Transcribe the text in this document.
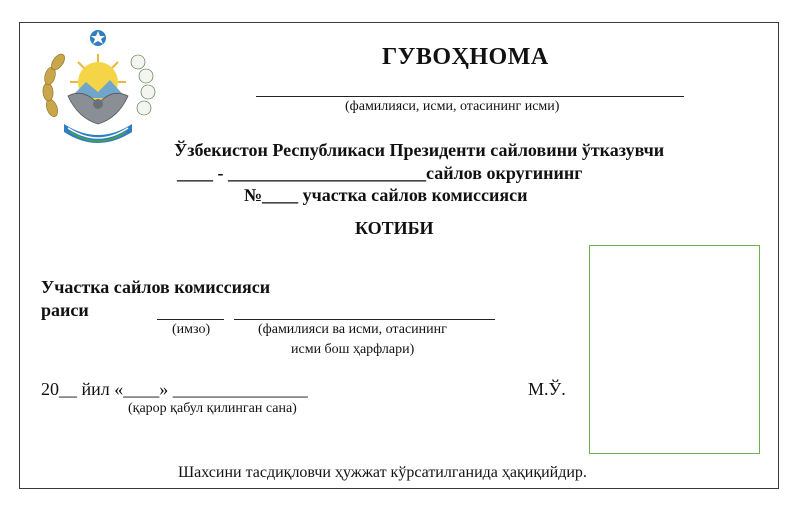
ГУВОҲНОМА
(фамилияси, исми, отасининг исми)
Ўзбекистон Республикаси Президенти сайловини ўтказувчи
____ - ______________________сайлов округининг
№____ участка сайлов комиссияси
КОТИБИ
Участка сайлов комиссияси
раиси
(имзо)	(фамилияси ва исми, отасининг
исми бош ҳарфлари)
20__ йил «____» _______________
(қарор қабул қилинган сана)
М.Ў.
Шахсини тасдиқловчи ҳужжат кўрсатилганида ҳақиқийдир.
